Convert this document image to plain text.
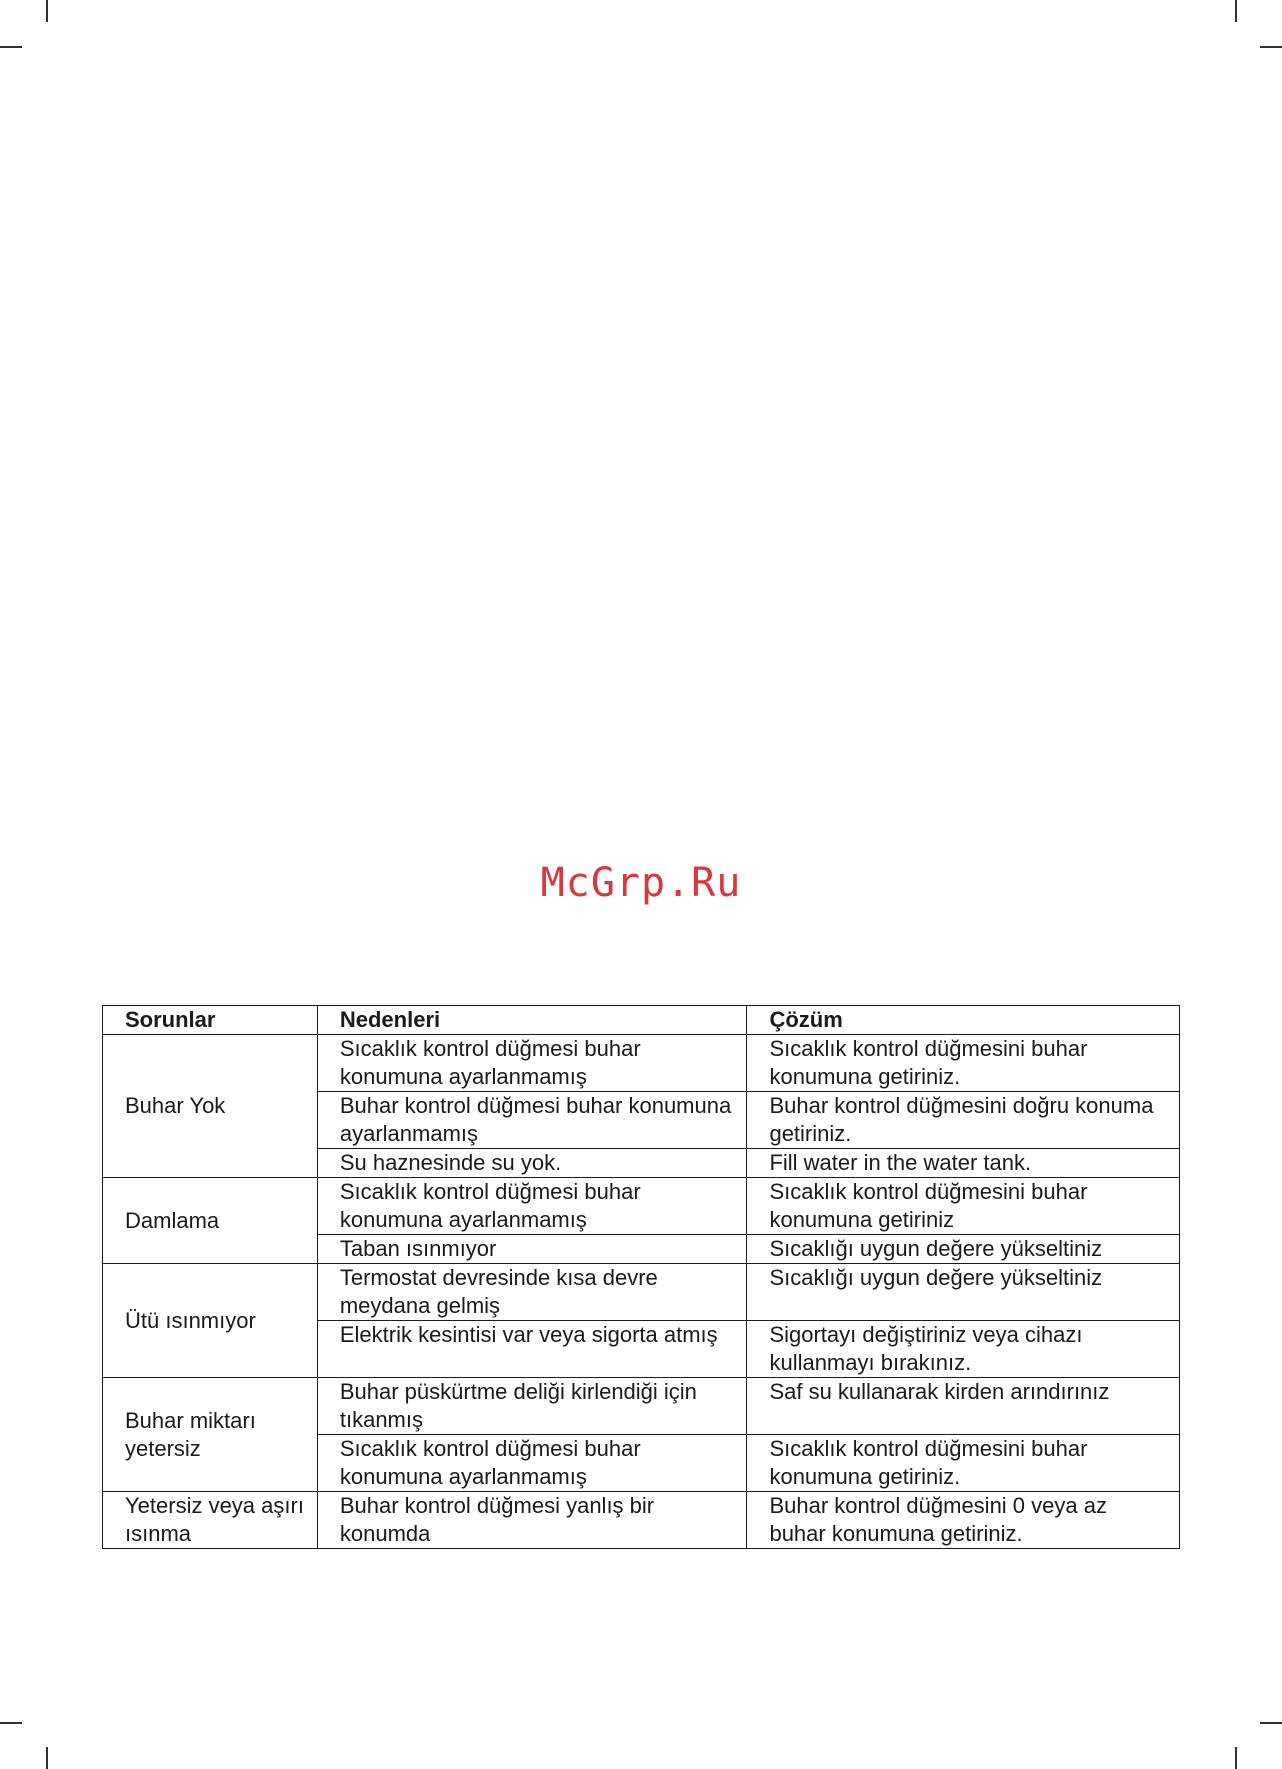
McGrp.Ru
Sorunlar	Nedenleri	Çözüm
Buhar Yok	Sıcaklık kontrol düğmesi buhar konumuna ayarlanmamış	Sıcaklık kontrol düğmesini buhar konumuna getiriniz.
	Buhar kontrol düğmesi buhar konumuna ayarlanmamış	Buhar kontrol düğmesini doğru konuma getiriniz.
	Su haznesinde su yok.	Fill water in the water tank.
Damlama	Sıcaklık kontrol düğmesi buhar konumuna ayarlanmamış	Sıcaklık kontrol düğmesini buhar konumuna getiriniz
	Taban ısınmıyor	Sıcaklığı uygun değere yükseltiniz
Ütü ısınmıyor	Termostat devresinde kısa devre meydana gelmiş	Sıcaklığı uygun değere yükseltiniz
	Elektrik kesintisi var veya sigorta atmış	Sigortayı değiştiriniz veya cihazı kullanmayı bırakınız.
Buhar miktarı yetersiz	Buhar püskürtme deliği kirlendiği için tıkanmış	Saf su kullanarak kirden arındırınız
	Sıcaklık kontrol düğmesi buhar konumuna ayarlanmamış	Sıcaklık kontrol düğmesini buhar konumuna getiriniz.
Yetersiz veya aşırı ısınma	Buhar kontrol düğmesi yanlış bir konumda	Buhar kontrol düğmesini 0 veya az buhar konumuna getiriniz.
